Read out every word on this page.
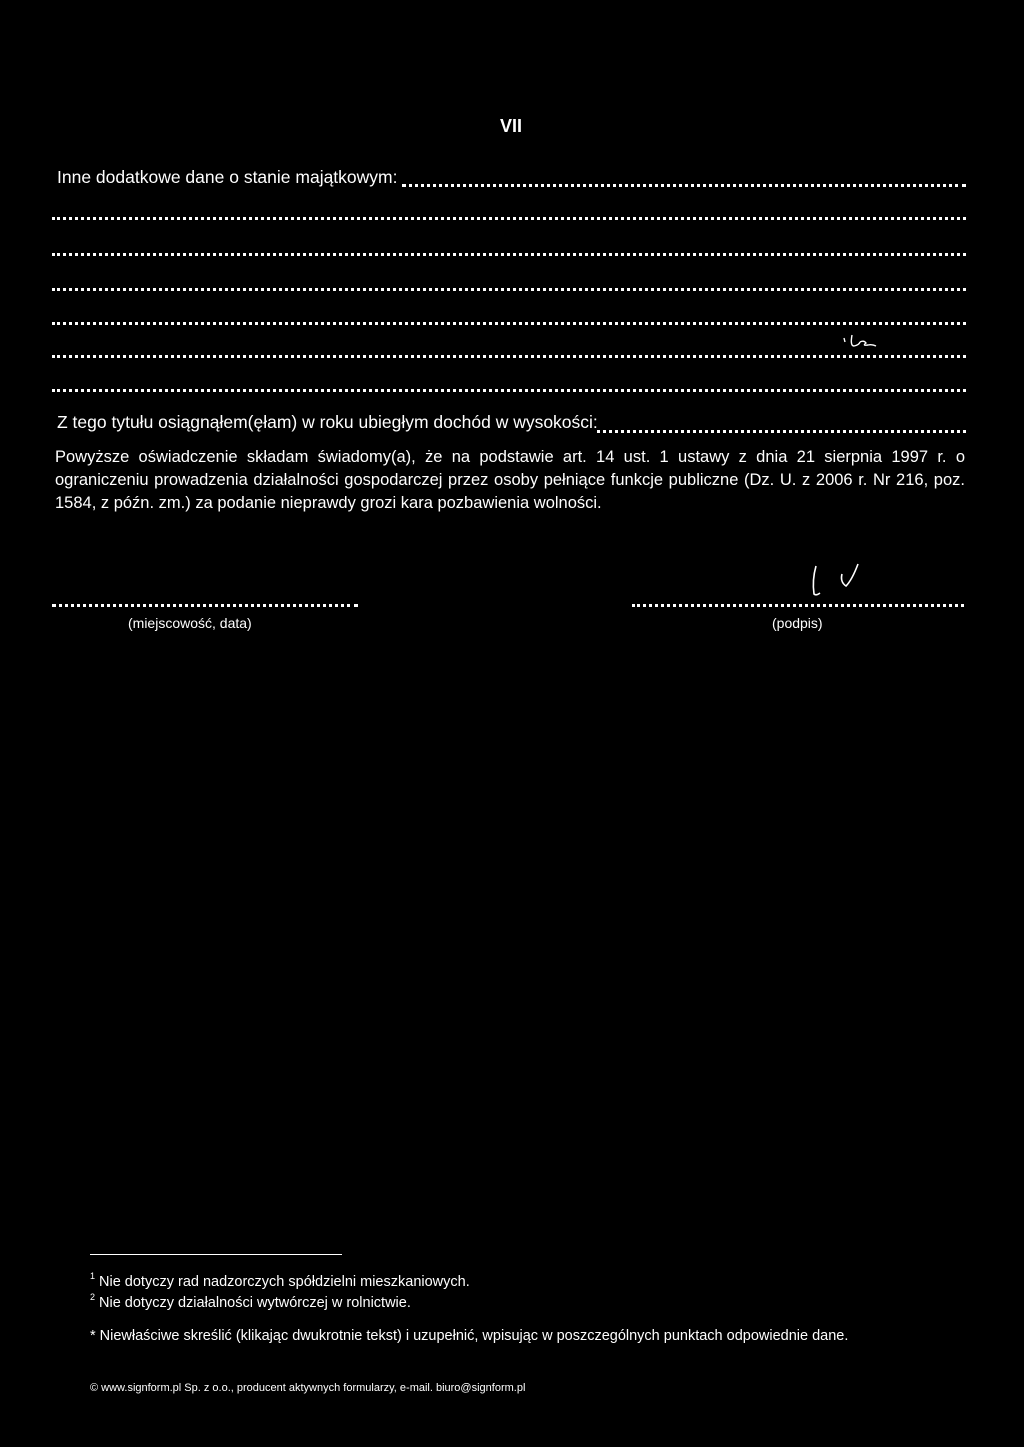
VII
Inne dodatkowe dane o stanie majątkowym:
Z tego tytułu osiągnąłem(ęłam) w roku ubiegłym dochód w wysokości:
Powyższe oświadczenie składam świadomy(a), że na podstawie art. 14 ust. 1 ustawy z dnia 21 sierpnia 1997 r. o ograniczeniu prowadzenia działalności gospodarczej przez osoby pełniące funkcje publiczne (Dz. U. z 2006 r. Nr 216, poz. 1584, z późn. zm.) za podanie nieprawdy grozi kara pozbawienia wolności.
(miejscowość, data)	(podpis)
$^1$ Nie dotyczy rad nadzorczych spółdzielni mieszkaniowych.
$^2$ Nie dotyczy działalności wytwórczej w rolnictwie.
* Niewłaściwe skreślić (klikając dwukrotnie tekst) i uzupełnić, wpisując w poszczególnych punktach odpowiednie dane.
© www.signform.pl Sp. z o.o., producent aktywnych formularzy, e-mail. biuro@signform.pl
